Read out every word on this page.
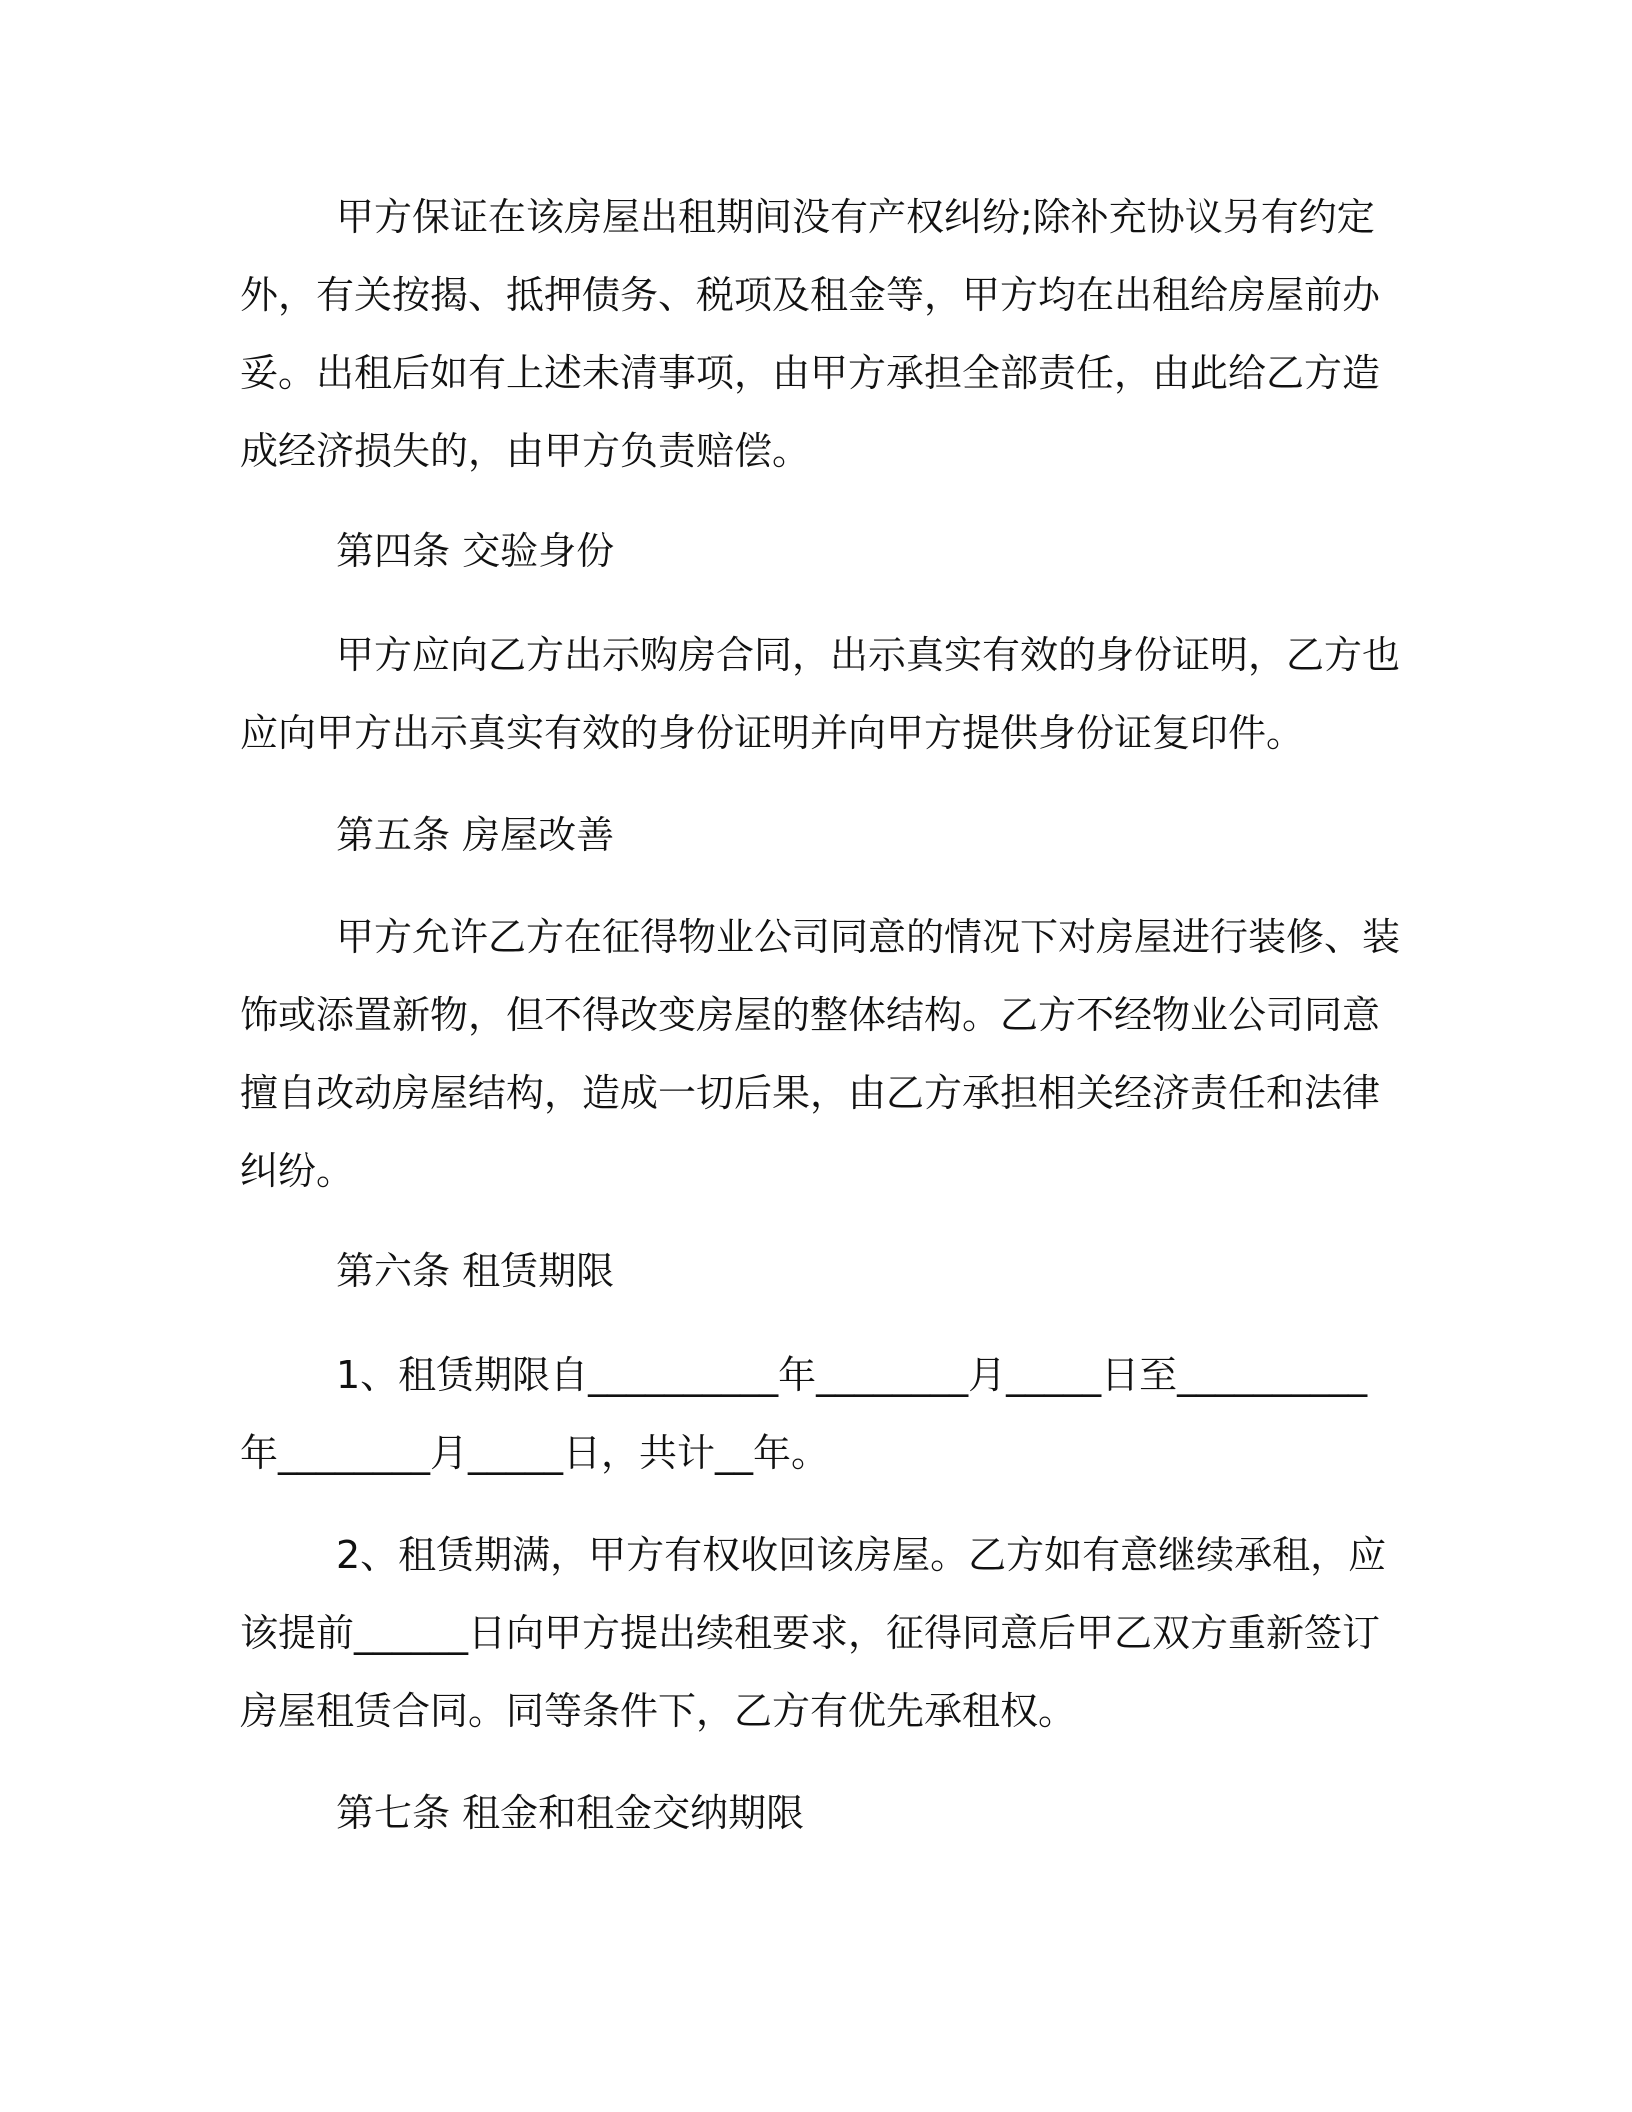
甲方保证在该房屋出租期间没有产权纠纷;除补充协议另有约定
外，有关按揭、抵押债务、税项及租金等，甲方均在出租给房屋前办
妥。出租后如有上述未清事项，由甲方承担全部责任，由此给乙方造
成经济损失的，由甲方负责赔偿。
第四条 交验身份
甲方应向乙方出示购房合同，出示真实有效的身份证明，乙方也
应向甲方出示真实有效的身份证明并向甲方提供身份证复印件。
第五条 房屋改善
甲方允许乙方在征得物业公司同意的情况下对房屋进行装修、装
饰或添置新物，但不得改变房屋的整体结构。乙方不经物业公司同意
擅自改动房屋结构，造成一切后果，由乙方承担相关经济责任和法律
纠纷。
第六条 租赁期限
1、租赁期限自__________年________月_____日至__________
年________月_____日，共计__年。
2、租赁期满，甲方有权收回该房屋。乙方如有意继续承租，应
该提前______日向甲方提出续租要求，征得同意后甲乙双方重新签订
房屋租赁合同。同等条件下，乙方有优先承租权。
第七条 租金和租金交纳期限
